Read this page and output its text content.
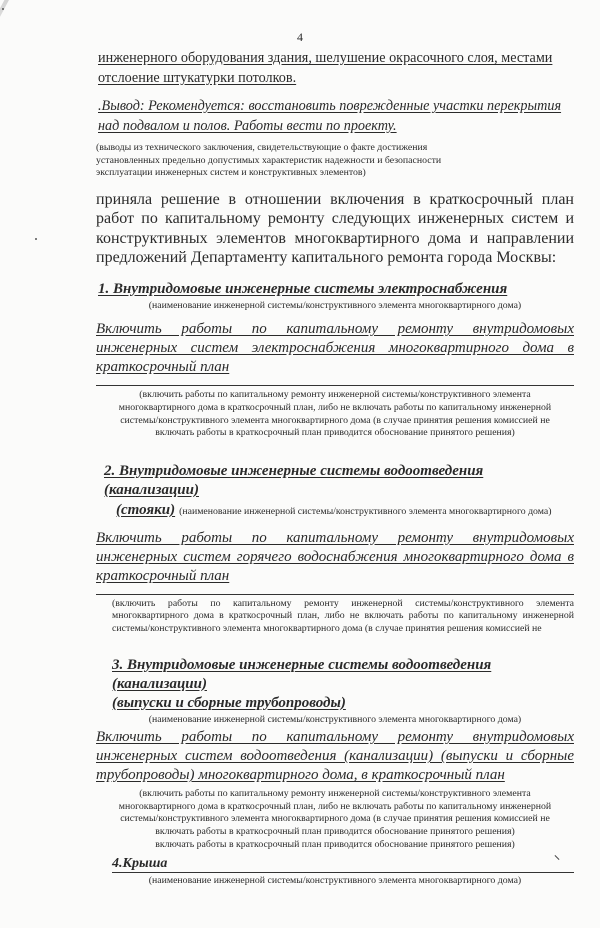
4
инженерного оборудования здания, шелушение окрасочного слоя, местами
отслоение штукатурки потолков.
.Вывод: Рекомендуется: восстановить поврежденные участки перекрытия
над подвалом и полов. Работы вести по проекту.
(выводы из технического заключения, свидетельствующие о факте достижения установленных предельно допустимых характеристик надежности и безопасности эксплуатации инженерных систем и конструктивных элементов)
приняла решение в отношении включения в краткосрочный план работ по капитальному ремонту следующих инженерных систем и конструктивных элементов многоквартирного дома и направлении предложений Департаменту капитального ремонта города Москвы:
1. Внутридомовые инженерные системы электроснабжения
(наименование инженерной системы/конструктивного элемента многоквартирного дома)
Включить работы по капитальному ремонту внутридомовых инженерных систем электроснабжения многоквартирного дома в краткосрочный план
(включить работы по капитальному ремонту инженерной системы/конструктивного элемента многоквартирного дома в краткосрочный план, либо не включать работы по капитальному инженерной системы/конструктивного элемента многоквартирного дома (в случае принятия решения комиссией не включать работы в краткосрочный план приводится обоснование принятого решения)
2. Внутридомовые инженерные системы водоотведения (канализации)
(стояки) (наименование инженерной системы/конструктивного элемента многоквартирного дома)
Включить работы по капитальному ремонту внутридомовых инженерных систем горячего водоснабжения многоквартирного дома в краткосрочный план
(включить работы по капитальному ремонту инженерной системы/конструктивного элемента многоквартирного дома в краткосрочный план, либо не включать работы по капитальному инженерной системы/конструктивного элемента многоквартирного дома (в случае принятия решения комиссией не
3. Внутридомовые инженерные системы водоотведения (канализации)
(выпуски и сборные трубопроводы)
(наименование инженерной системы/конструктивного элемента многоквартирного дома)
Включить работы по капитальному ремонту внутридомовых инженерных систем водоотведения (канализации) (выпуски и сборные трубопроводы) многоквартирного дома, в краткосрочный план
(включить работы по капитальному ремонту инженерной системы/конструктивного элемента многоквартирного дома в краткосрочный план, либо не включать работы по капитальному инженерной системы/конструктивного элемента многоквартирного дома (в случае принятия решения комиссией не включать работы в краткосрочный план приводится обоснование принятого решения)
включать работы в краткосрочный план приводится обоснование принятого решения)
4.Крыша
(наименование инженерной системы/конструктивного элемента многоквартирного дома)
